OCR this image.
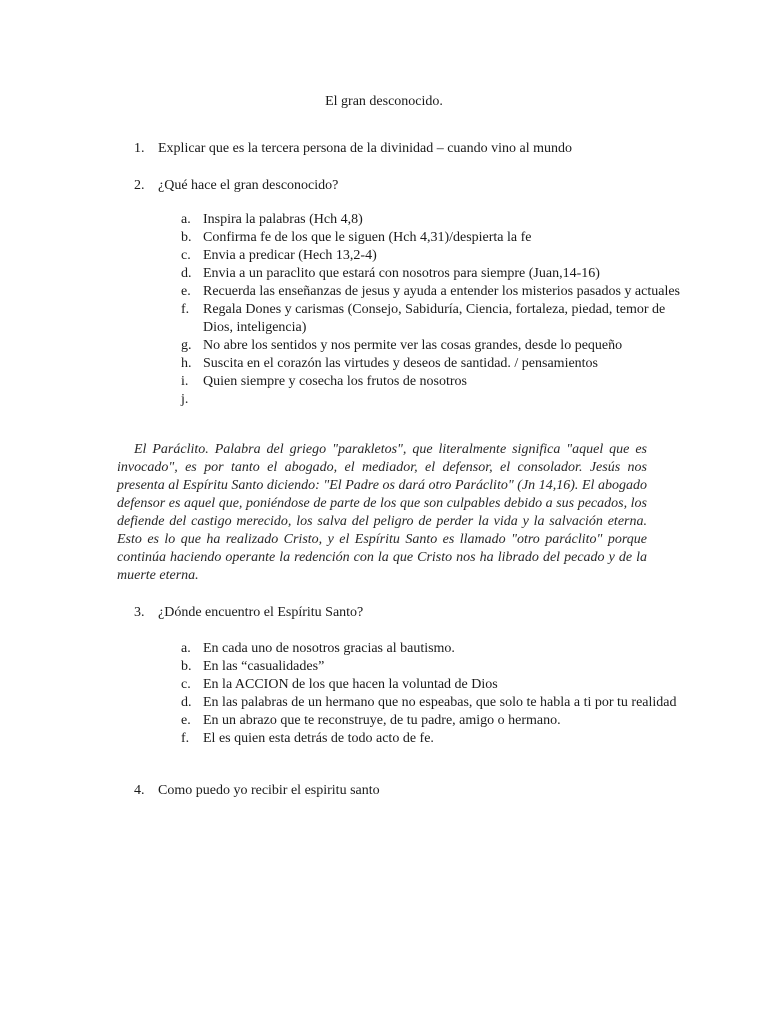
El gran desconocido.
1. Explicar que es la tercera persona de la divinidad – cuando vino al mundo
2. ¿Qué hace el gran desconocido?
a. Inspira la palabras (Hch 4,8)
b. Confirma fe de los que le siguen (Hch 4,31)/despierta la fe
c. Envia a predicar (Hech 13,2-4)
d. Envia a un paraclito que estará con nosotros para siempre (Juan,14-16)
e. Recuerda las enseñanzas de jesus y ayuda a entender los misterios pasados y actuales
f. Regala Dones y carismas (Consejo, Sabiduría, Ciencia, fortaleza, piedad, temor de Dios, inteligencia)
g. No abre los sentidos y nos permite ver las cosas grandes, desde lo pequeño
h. Suscita en el corazón las virtudes y deseos de santidad. / pensamientos
i. Quien siempre y cosecha los frutos de nosotros
j.
El Paráclito. Palabra del griego "parakletos", que literalmente significa "aquel que es invocado", es por tanto el abogado, el mediador, el defensor, el consolador. Jesús nos presenta al Espíritu Santo diciendo: "El Padre os dará otro Paráclito" (Jn 14,16). El abogado defensor es aquel que, poniéndose de parte de los que son culpables debido a sus pecados, los defiende del castigo merecido, los salva del peligro de perder la vida y la salvación eterna. Esto es lo que ha realizado Cristo, y el Espíritu Santo es llamado "otro paráclito" porque continúa haciendo operante la redención con la que Cristo nos ha librado del pecado y de la muerte eterna.
3. ¿Dónde encuentro el Espíritu Santo?
a. En cada uno de nosotros gracias al bautismo.
b. En las “casualidades”
c. En la ACCION de los que hacen la voluntad de Dios
d. En las palabras de un hermano que no espeabas, que solo te habla a ti por tu realidad
e. En un abrazo que te reconstruye, de tu padre, amigo o hermano.
f. El es quien esta detrás de todo acto de fe.
4. Como puedo yo recibir el espiritu santo
